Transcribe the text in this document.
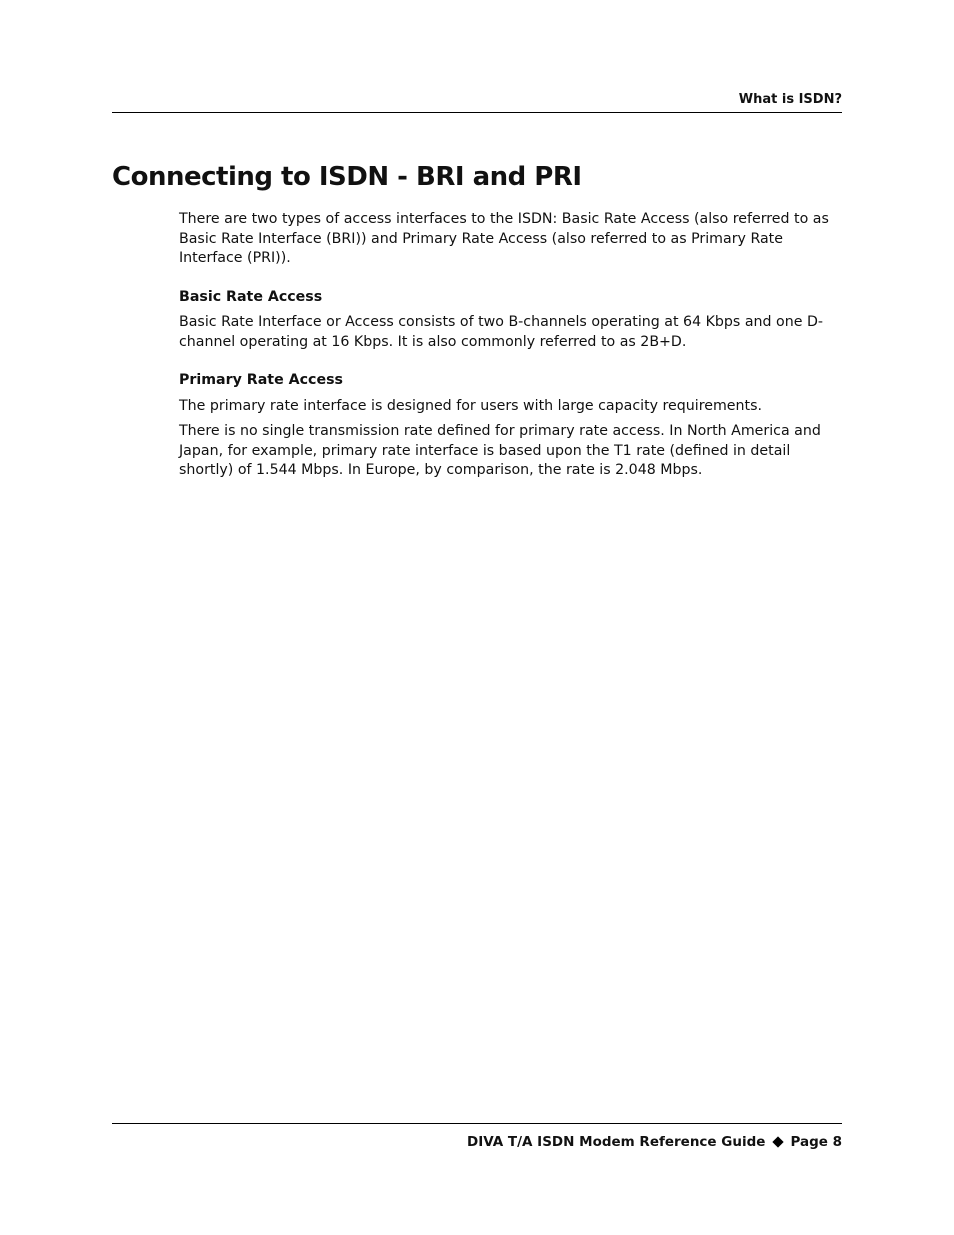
What is ISDN?
Connecting to ISDN - BRI and PRI

There are two types of access interfaces to the ISDN: Basic Rate Access (also referred to as Basic Rate Interface (BRI)) and Primary Rate Access (also referred to as Primary Rate Interface (PRI)).

Basic Rate Access

Basic Rate Interface or Access consists of two B-channels operating at 64 Kbps and one D-channel operating at 16 Kbps. It is also commonly referred to as 2B+D.

Primary Rate Access

The primary rate interface is designed for users with large capacity requirements.

There is no single transmission rate defined for primary rate access. In North America and Japan, for example, primary rate interface is based upon the T1 rate (defined in detail shortly) of 1.544 Mbps. In Europe, by comparison, the rate is 2.048 Mbps.

DIVA T/A ISDN Modem Reference Guide Page 8
